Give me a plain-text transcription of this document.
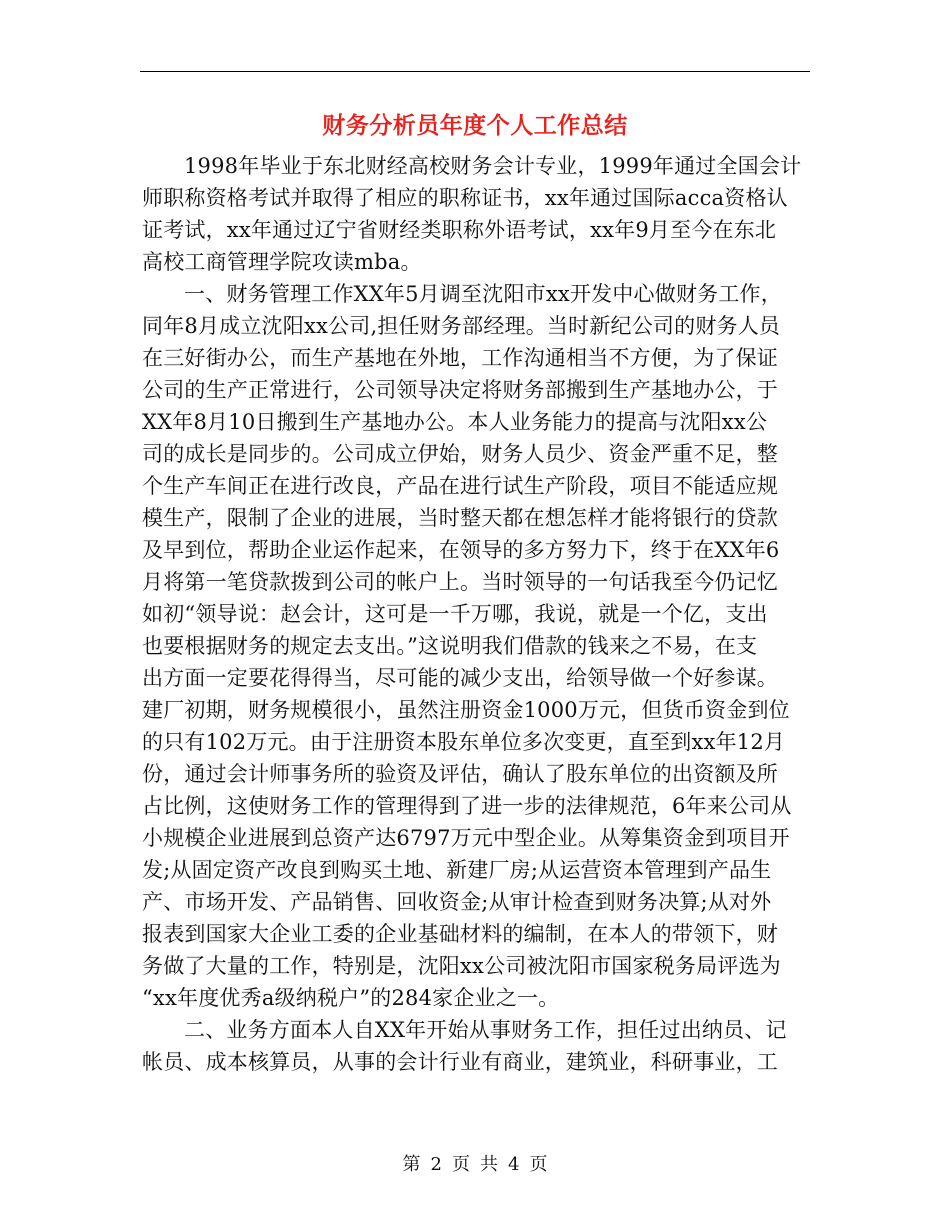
财务分析员年度个人工作总结

1998年毕业于东北财经高校财务会计专业，1999年通过全国会计
师职称资格考试并取得了相应的职称证书，xx年通过国际acca资格认
证考试，xx年通过辽宁省财经类职称外语考试，xx年9月至今在东北
高校工商管理学院攻读mba。

一、财务管理工作XX年5月调至沈阳市xx开发中心做财务工作，
同年8月成立沈阳xx公司,担任财务部经理。当时新纪公司的财务人员
在三好街办公，而生产基地在外地，工作沟通相当不方便，为了保证
公司的生产正常进行，公司领导决定将财务部搬到生产基地办公，于
XX年8月10日搬到生产基地办公。本人业务能力的提高与沈阳xx公
司的成长是同步的。公司成立伊始，财务人员少、资金严重不足，整
个生产车间正在进行改良，产品在进行试生产阶段，项目不能适应规
模生产，限制了企业的进展，当时整天都在想怎样才能将银行的贷款
及早到位，帮助企业运作起来，在领导的多方努力下，终于在XX年6
月将第一笔贷款拨到公司的帐户上。当时领导的一句话我至今仍记忆
如初“领导说：赵会计，这可是一千万哪，我说，就是一个亿，支出
也要根据财务的规定去支出。”这说明我们借款的钱来之不易，在支
出方面一定要花得得当，尽可能的减少支出，给领导做一个好参谋。
建厂初期，财务规模很小，虽然注册资金1000万元，但货币资金到位
的只有102万元。由于注册资本股东单位多次变更，直至到xx年12月
份，通过会计师事务所的验资及评估，确认了股东单位的出资额及所
占比例，这使财务工作的管理得到了进一步的法律规范，6年来公司从
小规模企业进展到总资产达6797万元中型企业。从筹集资金到项目开
发;从固定资产改良到购买土地、新建厂房;从运营资本管理到产品生
产、市场开发、产品销售、回收资金;从审计检查到财务决算;从对外
报表到国家大企业工委的企业基础材料的编制，在本人的带领下，财
务做了大量的工作，特别是，沈阳xx公司被沈阳市国家税务局评选为
“xx年度优秀a级纳税户”的284家企业之一。

二、业务方面本人自XX年开始从事财务工作，担任过出纳员、记
帐员、成本核算员，从事的会计行业有商业，建筑业，科研事业，工

第 2 页 共 4 页
